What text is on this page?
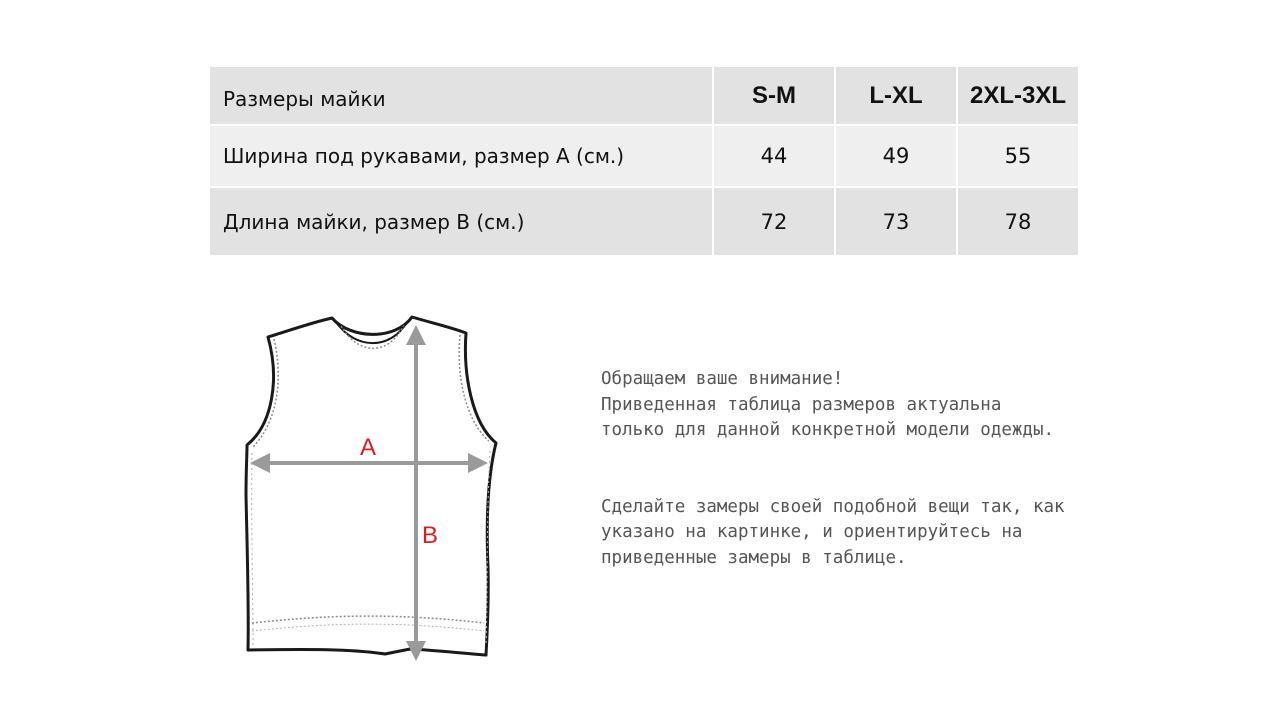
Размеры майки	S-M	L-XL	2XL-3XL
Ширина под рукавами, размер А (см.)	44	49	55
Длина майки, размер В (см.)	72	73	78
A
B

Обращаем ваше внимание!

Приведенная таблица размеров актуальна

только для данной конкретной модели одежды.

Сделайте замеры своей подобной вещи так, как

указано на картинке, и ориентируйтесь на

приведенные замеры в таблице.
